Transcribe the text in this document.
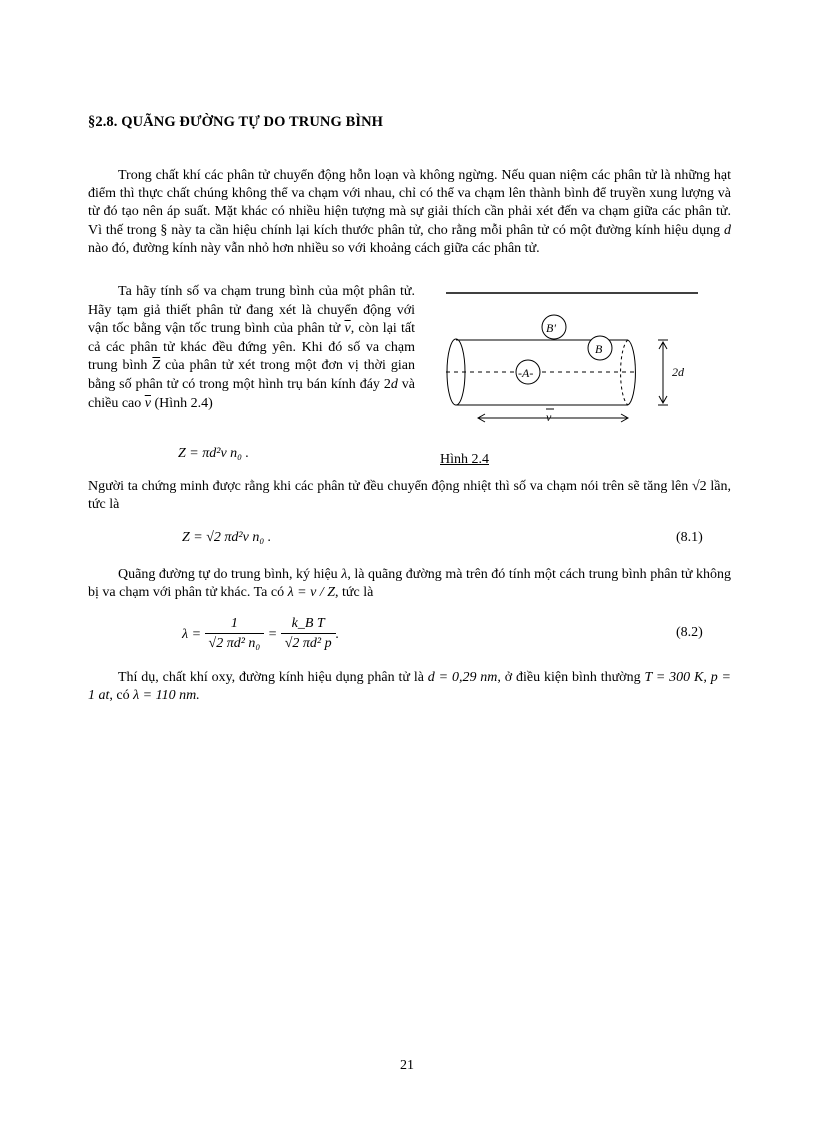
§2.8. QUÃNG ĐƯỜNG TỰ DO TRUNG BÌNH

Trong chất khí các phân tử chuyển động hỗn loạn và không ngừng. Nếu quan niệm các phân tử là những hạt điểm thì thực chất chúng không thể va chạm với nhau, chỉ có thể va chạm lên thành bình để truyền xung lượng và từ đó tạo nên áp suất. Mặt khác có nhiều hiện tượng mà sự giải thích cần phải xét đến va chạm giữa các phân tử. Vì thế trong § này ta cần hiệu chính lại kích thước phân tử, cho rằng mỗi phân tử có một đường kính hiệu dụng d nào đó, đường kính này vẫn nhỏ hơn nhiều so với khoảng cách giữa các phân tử.

Ta hãy tính số va chạm trung bình của một phân tử. Hãy tạm giả thiết phân tử đang xét là chuyển động với vận tốc bằng vận tốc trung bình của phân tử $\overline{v}$, còn lại tất cả các phân tử khác đều đứng yên. Khi đó số va chạm trung bình $\overline{Z}$ của phân tử xét trong một đơn vị thời gian bằng số phân tử có trong một hình trụ bán kính đáy 2d và chiều cao $\overline{v}$ (Hình 2.4)

Z = πd²v n₀ .
-A-
B'
B
2d
v
Hình 2.4

Người ta chứng minh được rằng khi các phân tử đều chuyển động nhiệt thì số va chạm nói trên sẽ tăng lên √2 lần, tức là

Z = √2 πd²v n₀ .	(8.1)

Quãng đường tự do trung bình, ký hiệu λ, là quãng đường mà trên đó tính một cách trung bình phân tử không bị va chạm với phân tử khác. Ta có λ = v / Z, tức là

$\lambda = \frac{1}{\text{√2 πd² n₀}} = \frac{\text{k\_B T}}{\text{√2 πd² p}}$ .	(8.2)

Thí dụ, chất khí oxy, đường kính hiệu dụng phân tử là d = 0,29 nm, ở điều kiện bình thường T = 300 K, p = 1 at, có λ = 110 nm.

21
